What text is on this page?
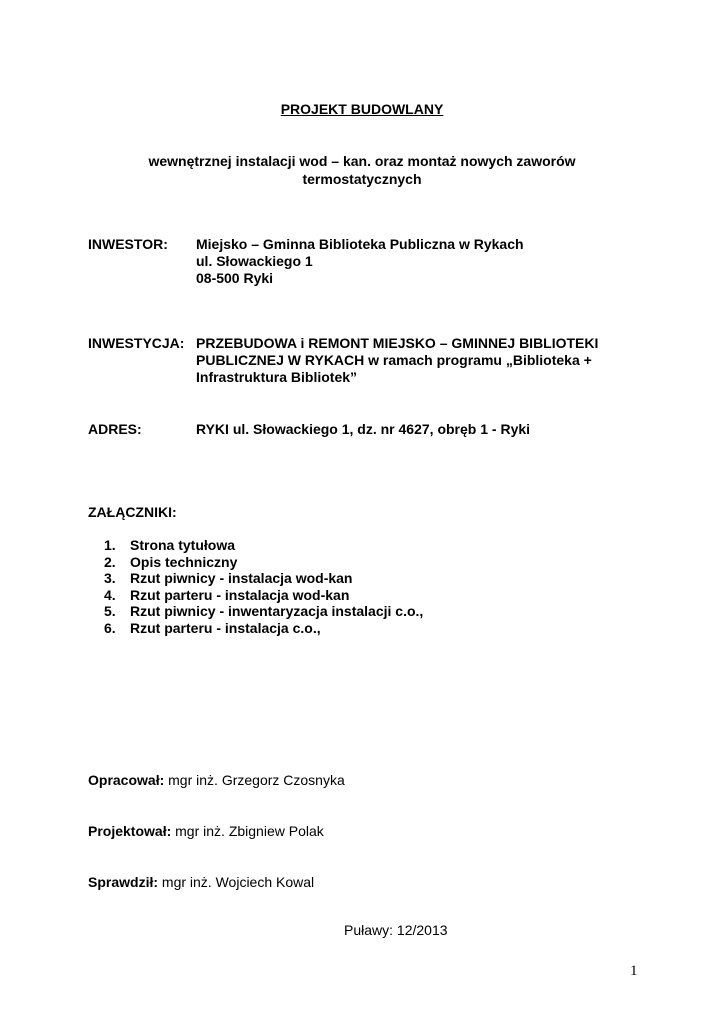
PROJEKT BUDOWLANY
wewnętrznej instalacji wod – kan. oraz montaż nowych zaworów
termostatycznych
INWESTOR: Miejsko – Gminna Biblioteka Publiczna w Rykach
ul. Słowackiego 1
08-500 Ryki
INWESTYCJA: PRZEBUDOWA i REMONT MIEJSKO – GMINNEJ BIBLIOTEKI
PUBLICZNEJ W RYKACH w ramach programu „Biblioteka +
Infrastruktura Bibliotek”
ADRES:	RYKI ul. Słowackiego 1, dz. nr 4627, obręb 1 - Ryki
ZAŁĄCZNIKI:
1. Strona tytułowa
2. Opis techniczny
3. Rzut piwnicy - instalacja wod-kan
4. Rzut parteru - instalacja wod-kan
5. Rzut piwnicy - inwentaryzacja instalacji c.o.,
6. Rzut parteru - instalacja c.o.,
Opracował: mgr inż. Grzegorz Czosnyka
Projektował: mgr inż. Zbigniew Polak
Sprawdził: mgr inż. Wojciech Kowal
Puławy: 12/2013
1
